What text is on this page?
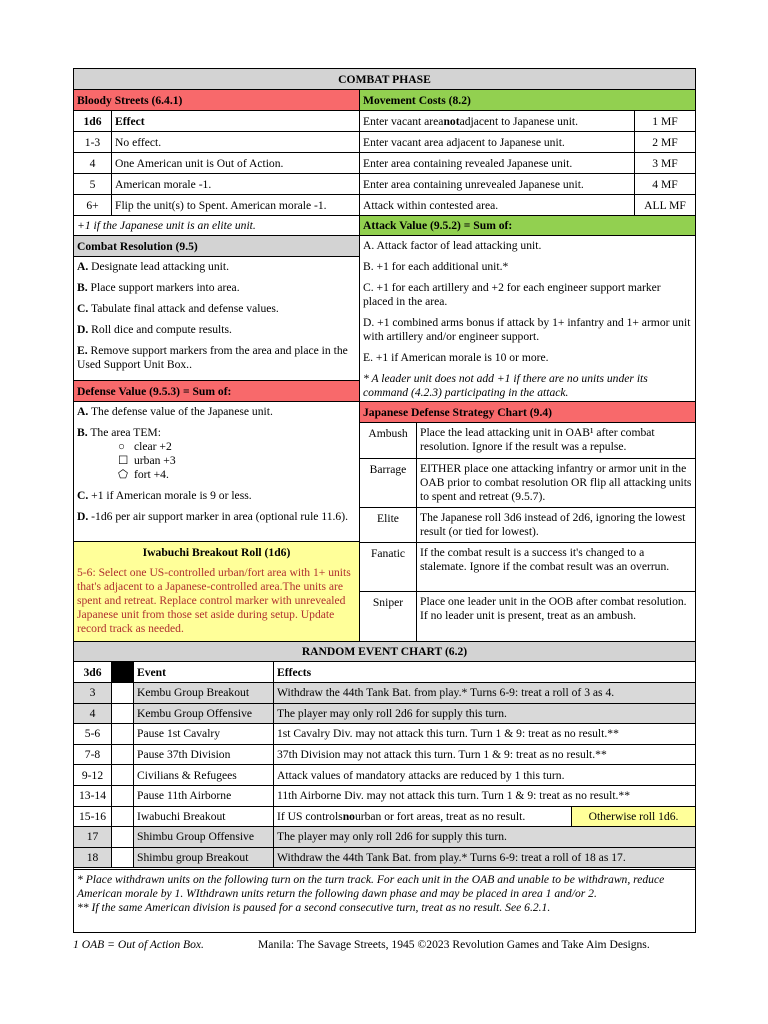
COMBAT PHASE
Bloody Streets (6.4.1)
1d6	Effect
1-3	No effect.
4	One American unit is Out of Action.
5	American morale -1.
6+	Flip the unit(s) to Spent. American morale -1.
+1 if the Japanese unit is an elite unit.
Combat Resolution (9.5)
A. Designate lead attacking unit.
B. Place support markers into area.
C. Tabulate final attack and defense values.
D. Roll dice and compute results.
E. Remove support markers from the area and place in the Used Support Unit Box..
Defense Value (9.5.3) = Sum of:
A. The defense value of the Japanese unit.
B. The area TEM:
○ clear +2
☐ urban +3
⬠ fort +4.
C. +1 if American morale is 9 or less.
D. -1d6 per air support marker in area (optional rule 11.6).
Iwabuchi Breakout Roll (1d6)
5-6: Select one US-controlled urban/fort area with 1+ units that's adjacent to a Japanese-controlled area.The units are spent and retreat. Replace control marker with unrevealed Japanese unit from those set aside during setup. Update record track as needed.
Movement Costs (8.2)
Enter vacant area not adjacent to Japanese unit.	1 MF
Enter vacant area adjacent to Japanese unit.	2 MF
Enter area containing revealed Japanese unit.	3 MF
Enter area containing unrevealed Japanese unit.	4 MF
Attack within contested area.	ALL MF
Attack Value (9.5.2) = Sum of:
A. Attack factor of lead attacking unit.
B. +1 for each additional unit.*
C. +1 for each artillery and +2 for each engineer support marker placed in the area.
D. +1 combined arms bonus if attack by 1+ infantry and 1+ armor unit with artillery and/or engineer support.
E. +1 if American morale is 10 or more.
* A leader unit does not add +1 if there are no units under its command (4.2.3) participating in the attack.
Japanese Defense Strategy Chart (9.4)
Ambush	Place the lead attacking unit in OAB¹ after combat resolution. Ignore if the result was a repulse.
Barrage	EITHER place one attacking infantry or armor unit in the OAB prior to combat resolution OR flip all attacking units to spent and retreat (9.5.7).
Elite	The Japanese roll 3d6 instead of 2d6, ignoring the lowest result (or tied for lowest).
Fanatic	If the combat result is a success it's changed to a stalemate. Ignore if the combat result was an overrun.
Sniper	Place one leader unit in the OOB after combat resolution. If no leader unit is present, treat as an ambush.
RANDOM EVENT CHART (6.2)
3d6	Event	Effects
3	Kembu Group Breakout	Withdraw the 44th Tank Bat. from play.* Turns 6-9: treat a roll of 3 as 4.
4	Kembu Group Offensive	The player may only roll 2d6 for supply this turn.
5-6	Pause 1st Cavalry	1st Cavalry Div. may not attack this turn. Turn 1 & 9: treat as no result.**
7-8	Pause 37th Division	37th Division may not attack this turn. Turn 1 & 9: treat as no result.**
9-12	Civilians & Refugees	Attack values of mandatory attacks are reduced by 1 this turn.
13-14	Pause 11th Airborne	11th Airborne Div. may not attack this turn. Turn 1 & 9: treat as no result.**
15-16	Iwabuchi Breakout	If US controls no urban or fort areas, treat as no result.	Otherwise roll 1d6.
17	Shimbu Group Offensive	The player may only roll 2d6 for supply this turn.
18	Shimbu group Breakout	Withdraw the 44th Tank Bat. from play.* Turns 6-9: treat a roll of 18 as 17.
* Place withdrawn units on the following turn on the turn track. For each unit in the OAB and unable to be withdrawn, reduce American morale by 1. WIthdrawn units return the following dawn phase and may be placed in area 1 and/or 2.
** If the same American division is paused for a second consecutive turn, treat as no result. See 6.2.1.
1 OAB = Out of Action Box.	Manila: The Savage Streets, 1945 ©2023 Revolution Games and Take Aim Designs.
